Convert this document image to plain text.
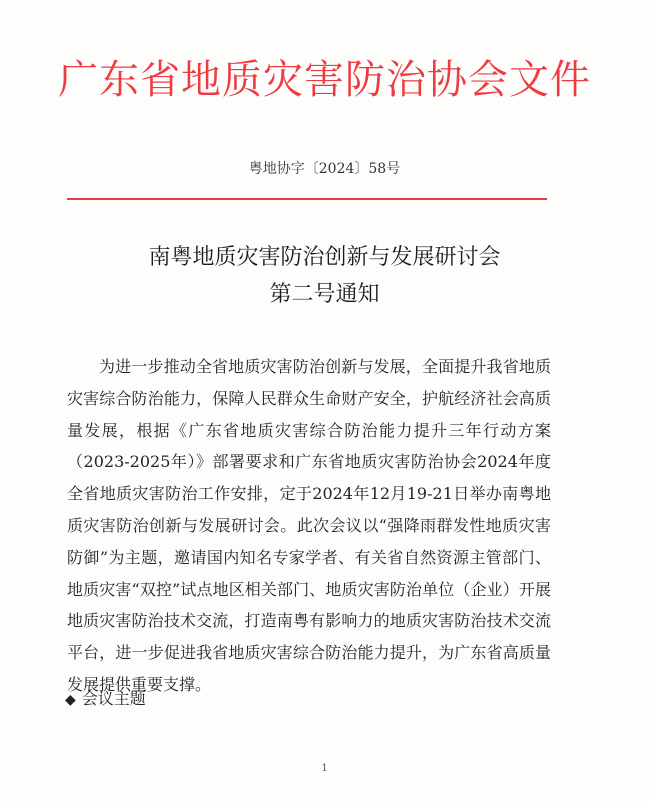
广东省地质灾害防治协会文件
粤地协字〔2024〕58号
南粤地质灾害防治创新与发展研讨会
第二号通知
为进一步推动全省地质灾害防治创新与发展，全面提升我省地质灾害综合防治能力，保障人民群众生命财产安全，护航经济社会高质量发展，根据《广东省地质灾害综合防治能力提升三年行动方案（2023-2025年）》部署要求和广东省地质灾害防治协会2024年度全省地质灾害防治工作安排，定于2024年12月19-21日举办南粤地质灾害防治创新与发展研讨会。此次会议以“强降雨群发性地质灾害防御”为主题，邀请国内知名专家学者、有关省自然资源主管部门、地质灾害“双控”试点地区相关部门、地质灾害防治单位（企业）开展地质灾害防治技术交流，打造南粤有影响力的地质灾害防治技术交流平台，进一步促进我省地质灾害综合防治能力提升，为广东省高质量发展提供重要支撑。
◆ 会议主题
1
